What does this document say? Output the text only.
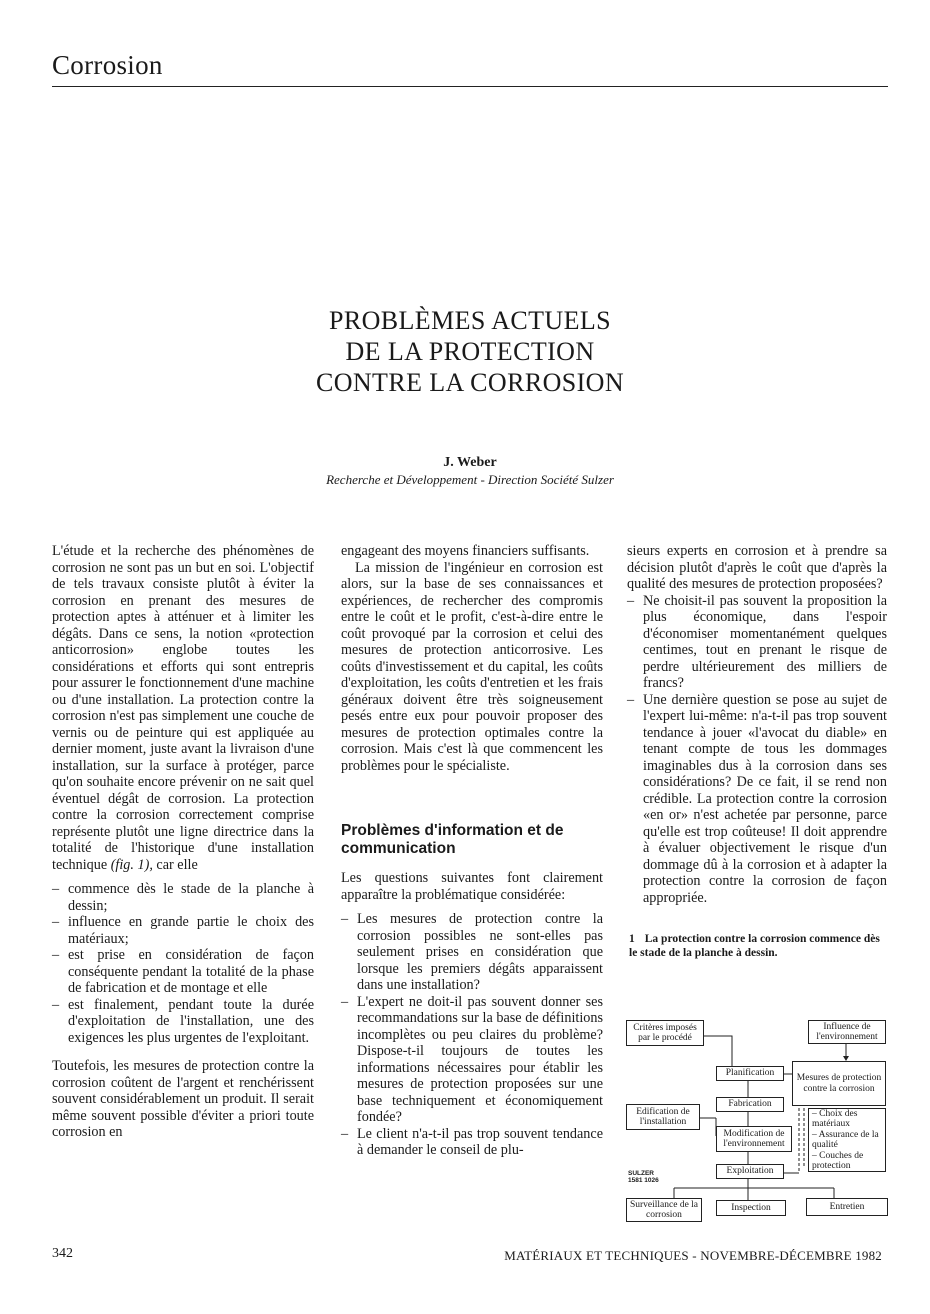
Corrosion
PROBLÈMES ACTUELS
DE LA PROTECTION
CONTRE LA CORROSION
J. Weber
Recherche et Développement - Direction Société Sulzer

L'étude et la recherche des phénomènes de corrosion ne sont pas un but en soi. L'objectif de tels travaux consiste plutôt à éviter la corrosion en prenant des mesures de protection aptes à atténuer et à limiter les dégâts. Dans ce sens, la notion «protection anticorrosion» englobe toutes les considérations et efforts qui sont entrepris pour assurer le fonctionnement d'une machine ou d'une installation. La protection contre la corrosion n'est pas simplement une couche de vernis ou de peinture qui est appliquée au dernier moment, juste avant la livraison d'une installation, sur la surface à protéger, parce qu'on souhaite encore prévenir on ne sait quel éventuel dégât de corrosion. La protection contre la corrosion correctement comprise représente plutôt une ligne directrice dans la totalité de l'historique d'une installation technique (fig. 1), car elle

– commence dès le stade de la planche à dessin;
– influence en grande partie le choix des matériaux;
– est prise en considération de façon conséquente pendant la totalité de la phase de fabrication et de montage et elle
– est finalement, pendant toute la durée d'exploitation de l'installation, une des exigences les plus urgentes de l'exploitant.

Toutefois, les mesures de protection contre la corrosion coûtent de l'argent et renchérissent souvent considérablement un produit. Il serait même souvent possible d'éviter a priori toute corrosion en

engageant des moyens financiers suffisants.

La mission de l'ingénieur en corrosion est alors, sur la base de ses connaissances et expériences, de rechercher des compromis entre le coût et le profit, c'est-à-dire entre le coût provoqué par la corrosion et celui des mesures de protection anticorrosive. Les coûts d'investissement et du capital, les coûts d'exploitation, les coûts d'entretien et les frais généraux doivent être très soigneusement pesés entre eux pour pouvoir proposer des mesures de protection optimales contre la corrosion. Mais c'est là que commencent les problèmes pour le spécialiste.

Problèmes d'information et de communication

Les questions suivantes font clairement apparaître la problématique considérée:

– Les mesures de protection contre la corrosion possibles ne sont-elles pas seulement prises en considération que lorsque les premiers dégâts apparaissent dans une installation?
– L'expert ne doit-il pas souvent donner ses recommandations sur la base de définitions incomplètes ou peu claires du problème? Dispose-t-il toujours de toutes les informations nécessaires pour établir les mesures de protection proposées sur une base techniquement et économiquement fondée?
– Le client n'a-t-il pas trop souvent tendance à demander le conseil de plu-

sieurs experts en corrosion et à prendre sa décision plutôt d'après le coût que d'après la qualité des mesures de protection proposées?

– Ne choisit-il pas souvent la proposition la plus économique, dans l'espoir d'économiser momentanément quelques centimes, tout en prenant le risque de perdre ultérieurement des milliers de francs?
– Une dernière question se pose au sujet de l'expert lui-même: n'a-t-il pas trop souvent tendance à jouer «l'avocat du diable» en tenant compte de tous les dommages imaginables dus à la corrosion dans ses considérations? De ce fait, il se rend non crédible. La protection contre la corrosion «en or» n'est achetée par personne, parce qu'elle est trop coûteuse! Il doit apprendre à évaluer objectivement le risque d'un dommage dû à la corrosion et à adapter la protection contre la corrosion de façon appropriée.
1 La protection contre la corrosion commence dès le stade de la planche à dessin.
Critères imposés par le procédé
Influence de l'environnement
Planification	Mesures de protection contre la corrosion
Fabrication
Edification de l'installation
Modification de l'environnement
– Choix des matériaux
– Assurance de la qualité
– Couches de protection
Exploitation
SULZER
1581 1026
Surveillance de la corrosion
Inspection	Entretien
342	MATÉRIAUX ET TECHNIQUES - NOVEMBRE-DÉCEMBRE 1982
